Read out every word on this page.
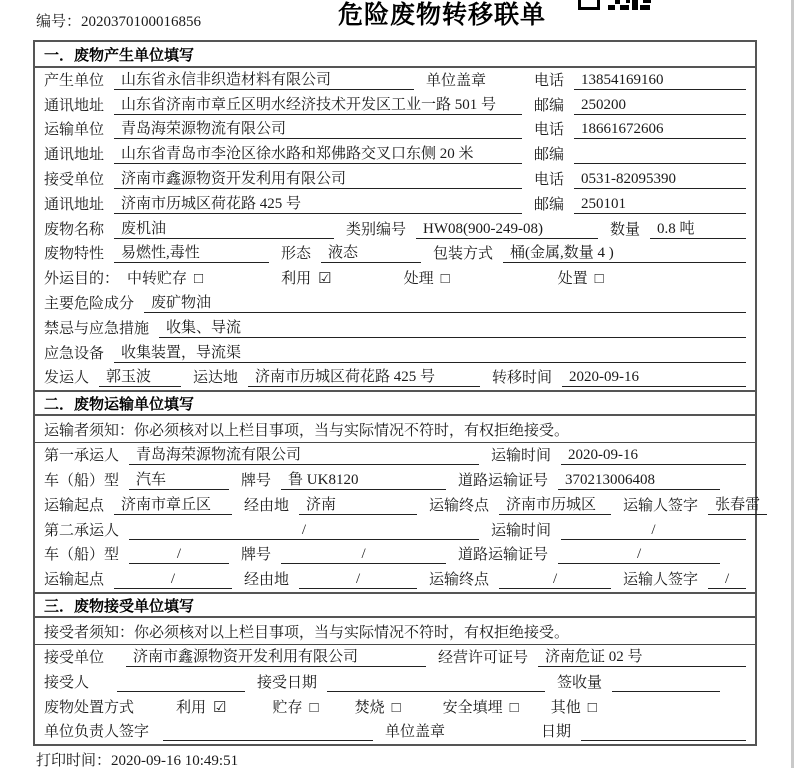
编号：2020370100016856	危险废物转移联单
一．废物产生单位填写
产生单位	山东省永信非织造材料有限公司	单位盖章	电话	13854169160
通讯地址	山东省济南市章丘区明水经济技术开发区工业一路 501 号	邮编	250200
运输单位	青岛海荣源物流有限公司	电话	18661672606
通讯地址	山东省青岛市李沧区徐水路和郑佛路交叉口东侧 20 米	邮编
接受单位	济南市鑫源物资开发利用有限公司	电话	0531-82095390
通讯地址	济南市历城区荷花路 425 号	邮编	250101
废物名称	废机油	类别编号	HW08(900-249-08)	数量	0.8 吨
废物特性	易燃性,毒性	形态	液态	包装方式	桶(金属,数量 4 )
外运目的： 中转贮存 □	利用 ☑	处理 □	处置 □
主要危险成分	废矿物油
禁忌与应急措施	收集、导流
应急设备	收集装置，导流渠
发运人	郭玉波	运达地	济南市历城区荷花路 425 号	转移时间	2020-09-16
二．废物运输单位填写
运输者须知：你必须核对以上栏目事项，当与实际情况不符时，有权拒绝接受。
第一承运人	青岛海荣源物流有限公司	运输时间	2020-09-16
车（船）型	汽车	牌号	鲁 UK8120	道路运输证号	370213006408
运输起点	济南市章丘区	经由地	济南	运输终点	济南市历城区	运输人签字	张春雷
第二承运人	/	运输时间	/
车（船）型	/	牌号	/	道路运输证号	/
运输起点	/	经由地	/	运输终点	/	运输人签字	/
三．废物接受单位填写
接受者须知：你必须核对以上栏目事项，当与实际情况不符时，有权拒绝接受。
接受单位	济南市鑫源物资开发利用有限公司	经营许可证号	济南危证 02 号
接受人	接受日期	签收量
废物处置方式	利用 ☑	贮存 □ 焚烧 □	安全填埋 □ 其他 □
单位负责人签字	单位盖章	日期
打印时间：2020-09-16 10:49:51
